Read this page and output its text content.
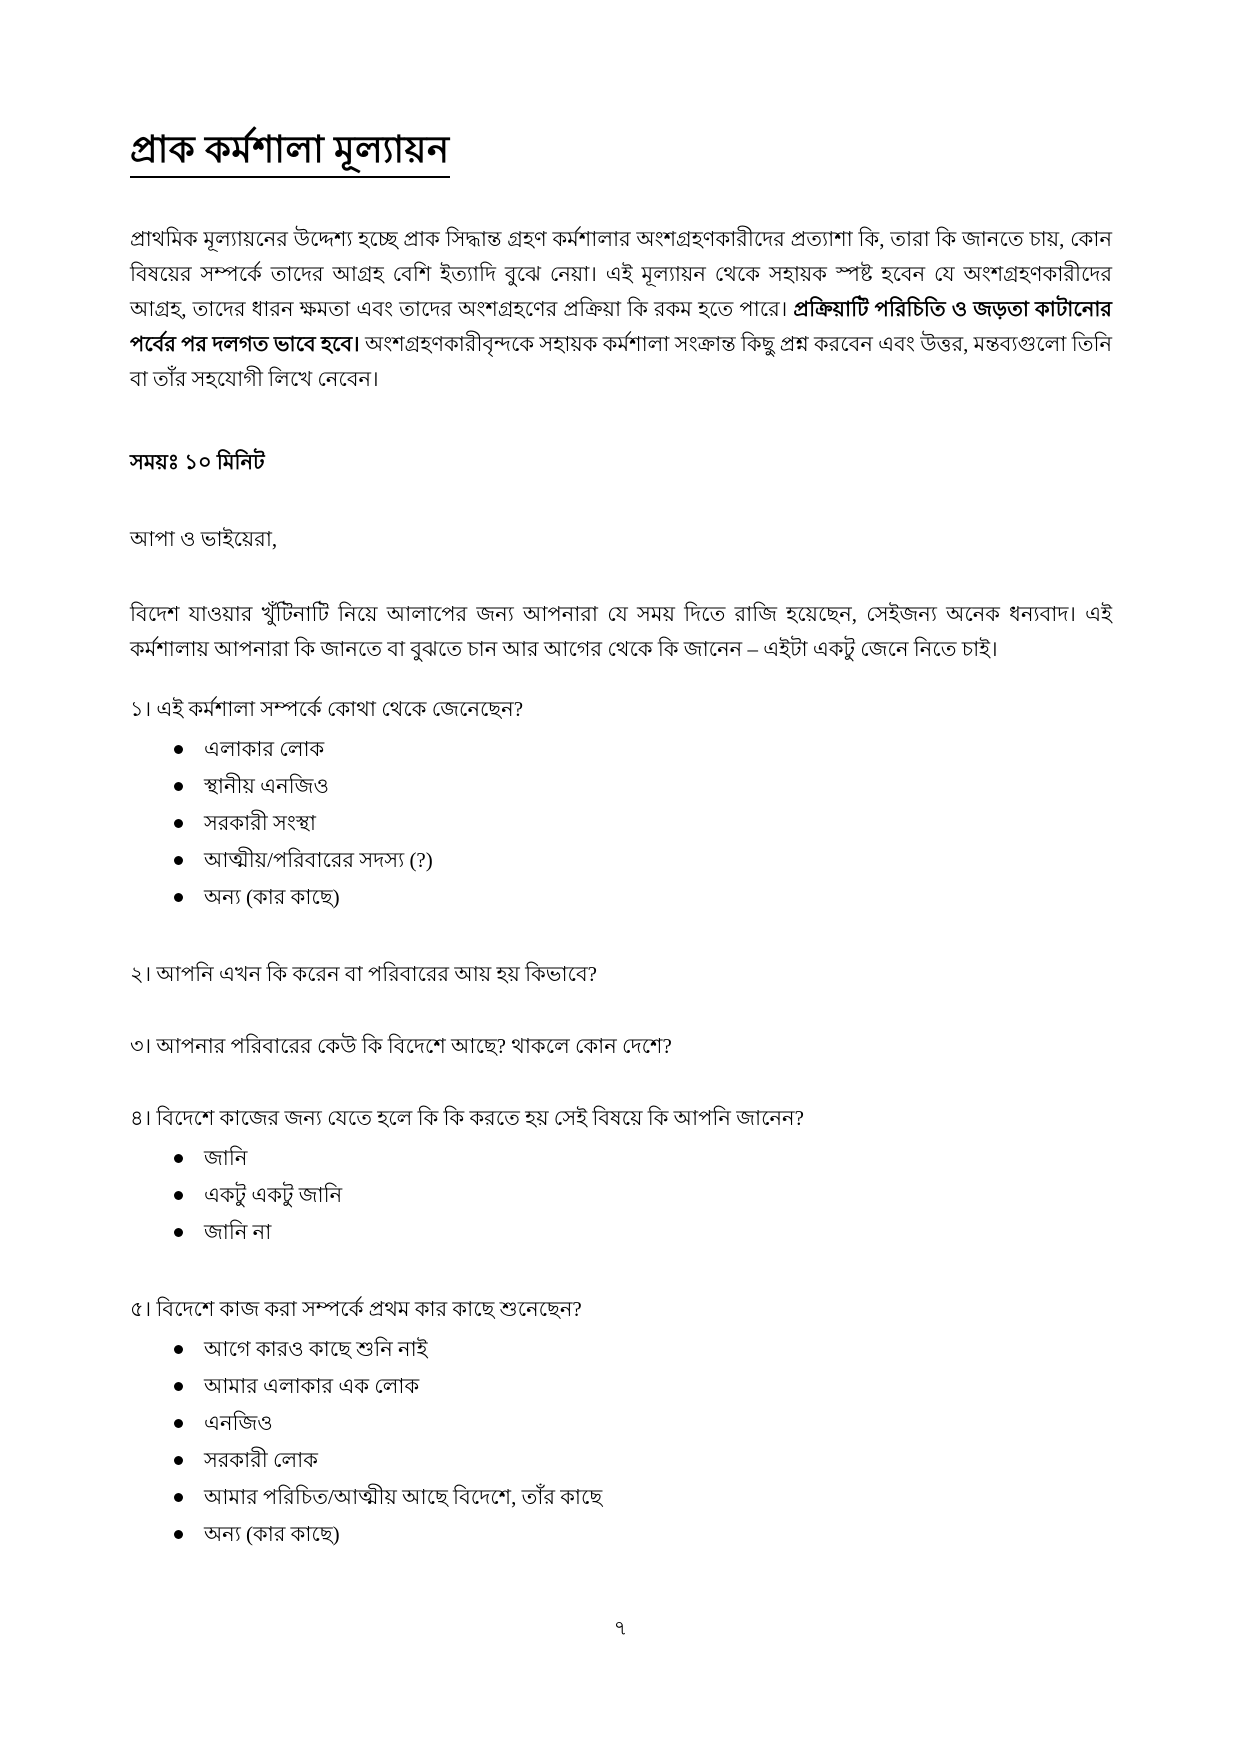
প্রাক কর্মশালা মূল্যায়ন

প্রাথমিক মূল্যায়নের উদ্দেশ্য হচ্ছে প্রাক সিদ্ধান্ত গ্রহণ কর্মশালার অংশগ্রহণকারীদের প্রত্যাশা কি, তারা কি জানতে চায়, কোন বিষয়ের সম্পর্কে তাদের আগ্রহ বেশি ইত্যাদি বুঝে নেয়া। এই মূল্যায়ন থেকে সহায়ক স্পষ্ট হবেন যে অংশগ্রহণকারীদের আগ্রহ, তাদের ধারন ক্ষমতা এবং তাদের অংশগ্রহণের প্রক্রিয়া কি রকম হতে পারে। প্রক্রিয়াটি পরিচিতি ও জড়তা কাটানোর পর্বের পর দলগত ভাবে হবে। অংশগ্রহণকারীবৃন্দকে সহায়ক কর্মশালা সংক্রান্ত কিছু প্রশ্ন করবেন এবং উত্তর, মন্তব্যগুলো তিনি বা তাঁর সহযোগী লিখে নেবেন।

সময়ঃ ১০ মিনিট

আপা ও ভাইয়েরা,

বিদেশ যাওয়ার খুঁটিনাটি নিয়ে আলাপের জন্য আপনারা যে সময় দিতে রাজি হয়েছেন, সেইজন্য অনেক ধন্যবাদ। এই কর্মশালায় আপনারা কি জানতে বা বুঝতে চান আর আগের থেকে কি জানেন – এইটা একটু জেনে নিতে চাই।

১। এই কর্মশালা সম্পর্কে কোথা থেকে জেনেছেন?

এলাকার লোক
স্থানীয় এনজিও
সরকারী সংস্থা
আত্মীয়/পরিবারের সদস্য (?)
অন্য (কার কাছে)

২। আপনি এখন কি করেন বা পরিবারের আয় হয় কিভাবে?

৩। আপনার পরিবারের কেউ কি বিদেশে আছে? থাকলে কোন দেশে?

৪। বিদেশে কাজের জন্য যেতে হলে কি কি করতে হয় সেই বিষয়ে কি আপনি জানেন?

জানি
একটু একটু জানি
জানি না

৫। বিদেশে কাজ করা সম্পর্কে প্রথম কার কাছে শুনেছেন?

আগে কারও কাছে শুনি নাই
আমার এলাকার এক লোক
এনজিও
সরকারী লোক
আমার পরিচিত/আত্মীয় আছে বিদেশে, তাঁর কাছে
অন্য (কার কাছে)
৭
